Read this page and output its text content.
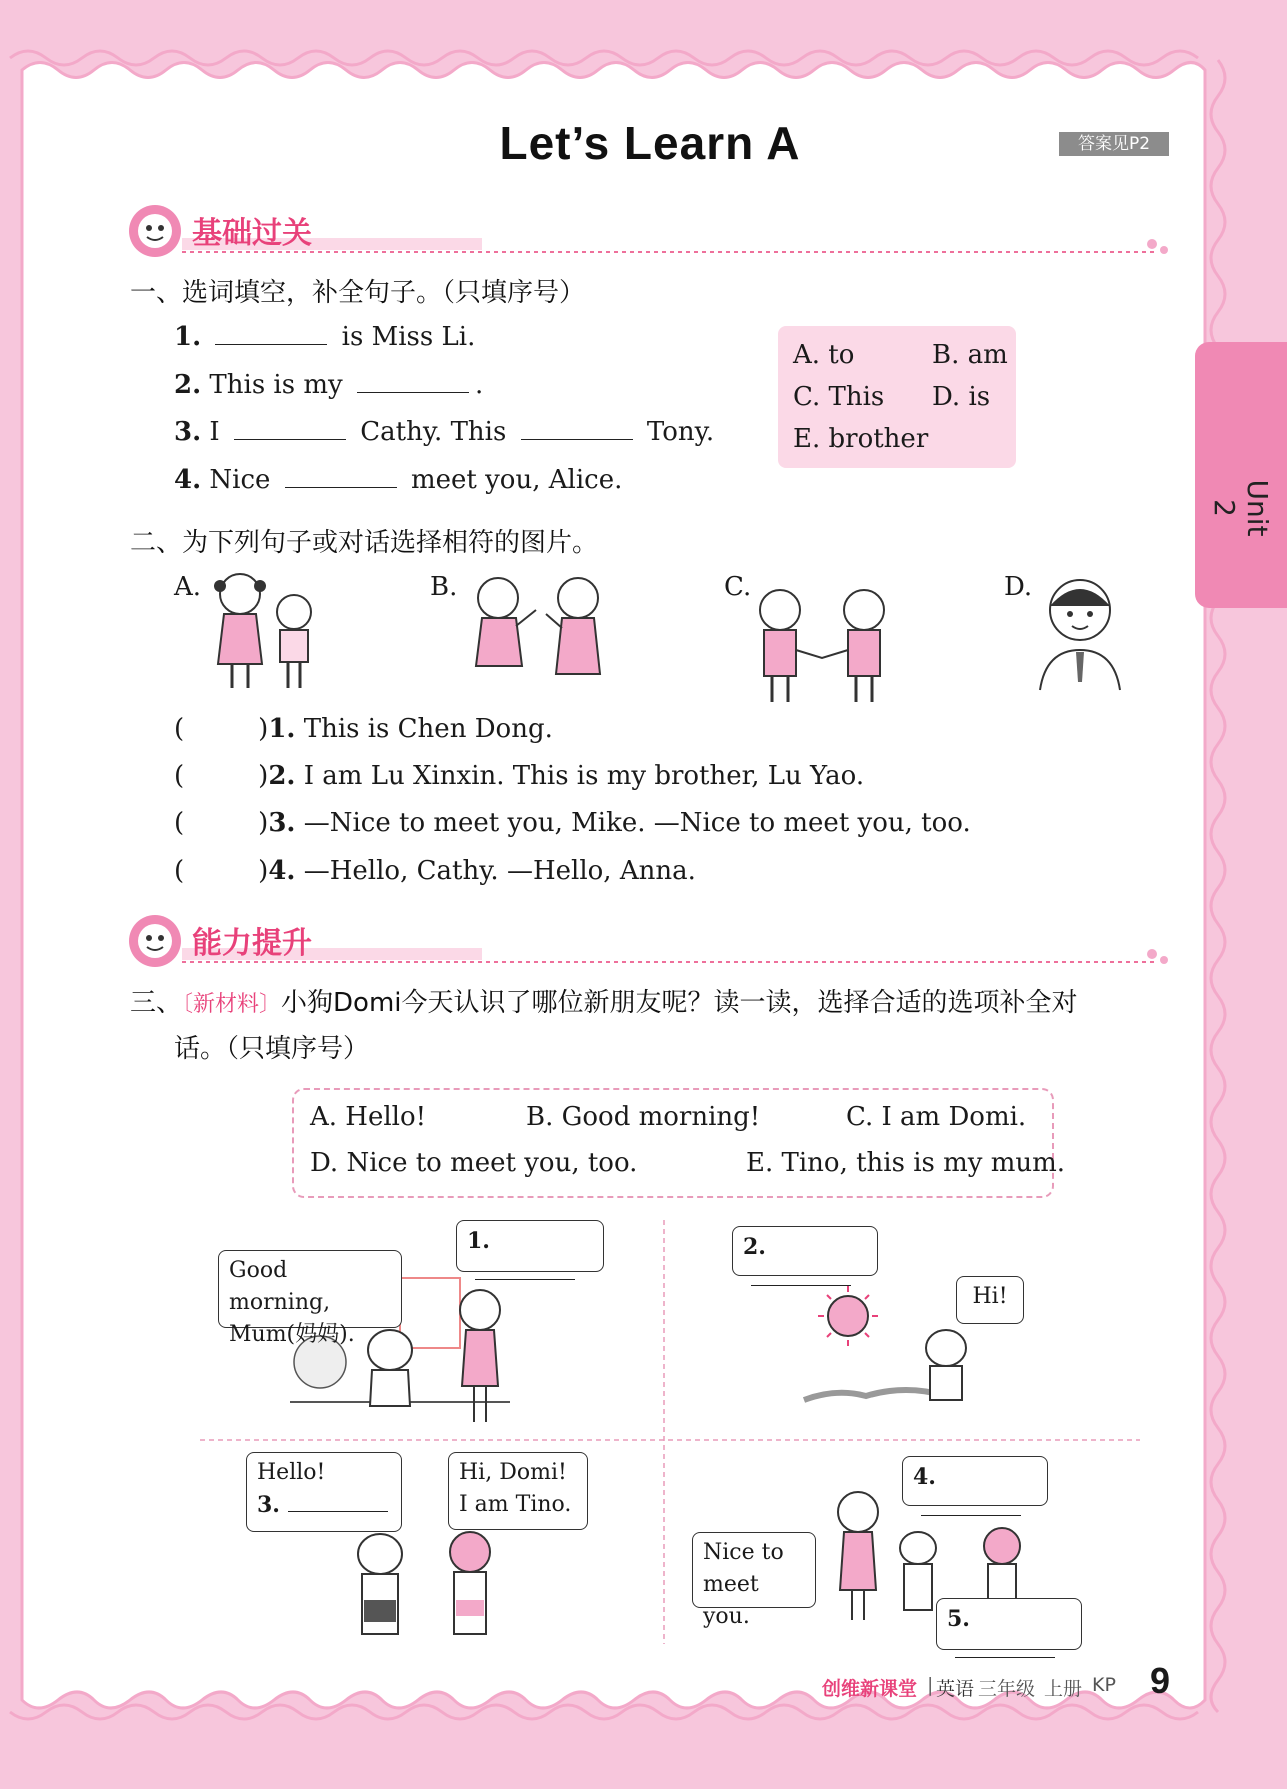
Unit 2
Let’s Learn A	答案见P2
基础过关
一、选词填空，补全句子。（只填序号）
1.	is Miss Li.
2. This is my	.
3. I	Cathy. This	Tony.
4. Nice	meet you, Alice.
A. to	B. am
C. This D. is
E. brother
二、为下列句子或对话选择相符的图片。
A.	B.	C.	D.
(	)1. This is Chen Dong.
(	)2. I am Lu Xinxin. This is my brother, Lu Yao.
(	)3. —Nice to meet you, Mike. —Nice to meet you, too.
(	)4. —Hello, Cathy. —Hello, Anna.
能力提升
三、〔新材料〕小狗Domi今天认识了哪位新朋友呢？读一读，选择合适的选项补全对
话。（只填序号）
A. Hello!	B. Good morning!	C. I am Domi.
D. Nice to meet you, too.	E. Tino, this is my mum.
Good morning,
Mum(妈妈).
1.	2.
Hi!
Hello!
3.
Hi, Domi!
I am Tino.
4.
Nice to
meet you.	5.
创维新课堂 | 英语 三年级 上册 KP 9
